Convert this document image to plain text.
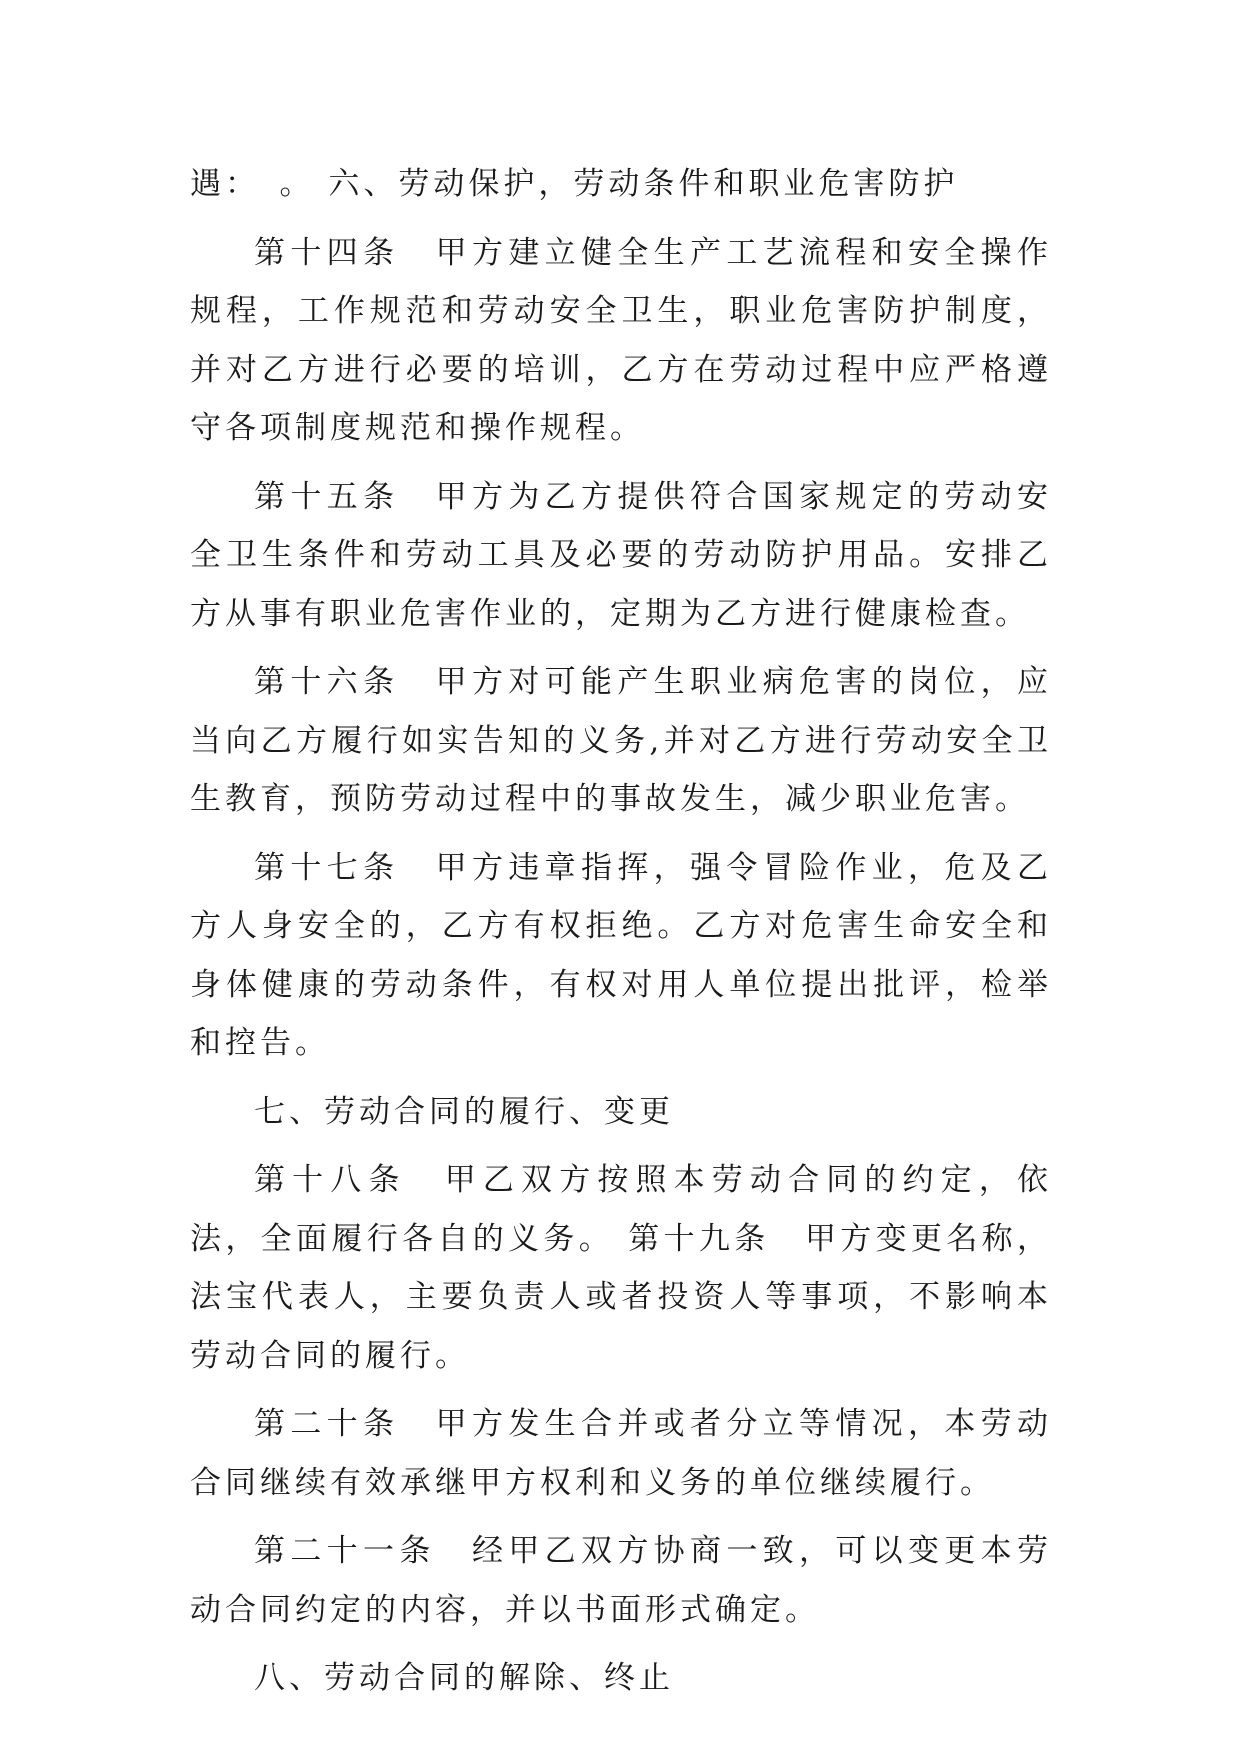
遇：　。 六、劳动保护，劳动条件和职业危害防护

第十四条　甲方建立健全生产工艺流程和安全操作规程，工作规范和劳动安全卫生，职业危害防护制度，并对乙方进行必要的培训，乙方在劳动过程中应严格遵守各项制度规范和操作规程。

第十五条　甲方为乙方提供符合国家规定的劳动安全卫生条件和劳动工具及必要的劳动防护用品。安排乙方从事有职业危害作业的，定期为乙方进行健康检查。

第十六条　甲方对可能产生职业病危害的岗位，应当向乙方履行如实告知的义务,并对乙方进行劳动安全卫生教育，预防劳动过程中的事故发生，减少职业危害。

第十七条　甲方违章指挥，强令冒险作业，危及乙方人身安全的，乙方有权拒绝。乙方对危害生命安全和身体健康的劳动条件，有权对用人单位提出批评，检举和控告。

七、劳动合同的履行、变更

第十八条　甲乙双方按照本劳动合同的约定，依法，全面履行各自的义务。 第十九条　甲方变更名称，法宝代表人，主要负责人或者投资人等事项，不影响本劳动合同的履行。

第二十条　甲方发生合并或者分立等情况，本劳动合同继续有效承继甲方权利和义务的单位继续履行。

第二十一条　经甲乙双方协商一致，可以变更本劳动合同约定的内容，并以书面形式确定。

八、劳动合同的解除、终止
